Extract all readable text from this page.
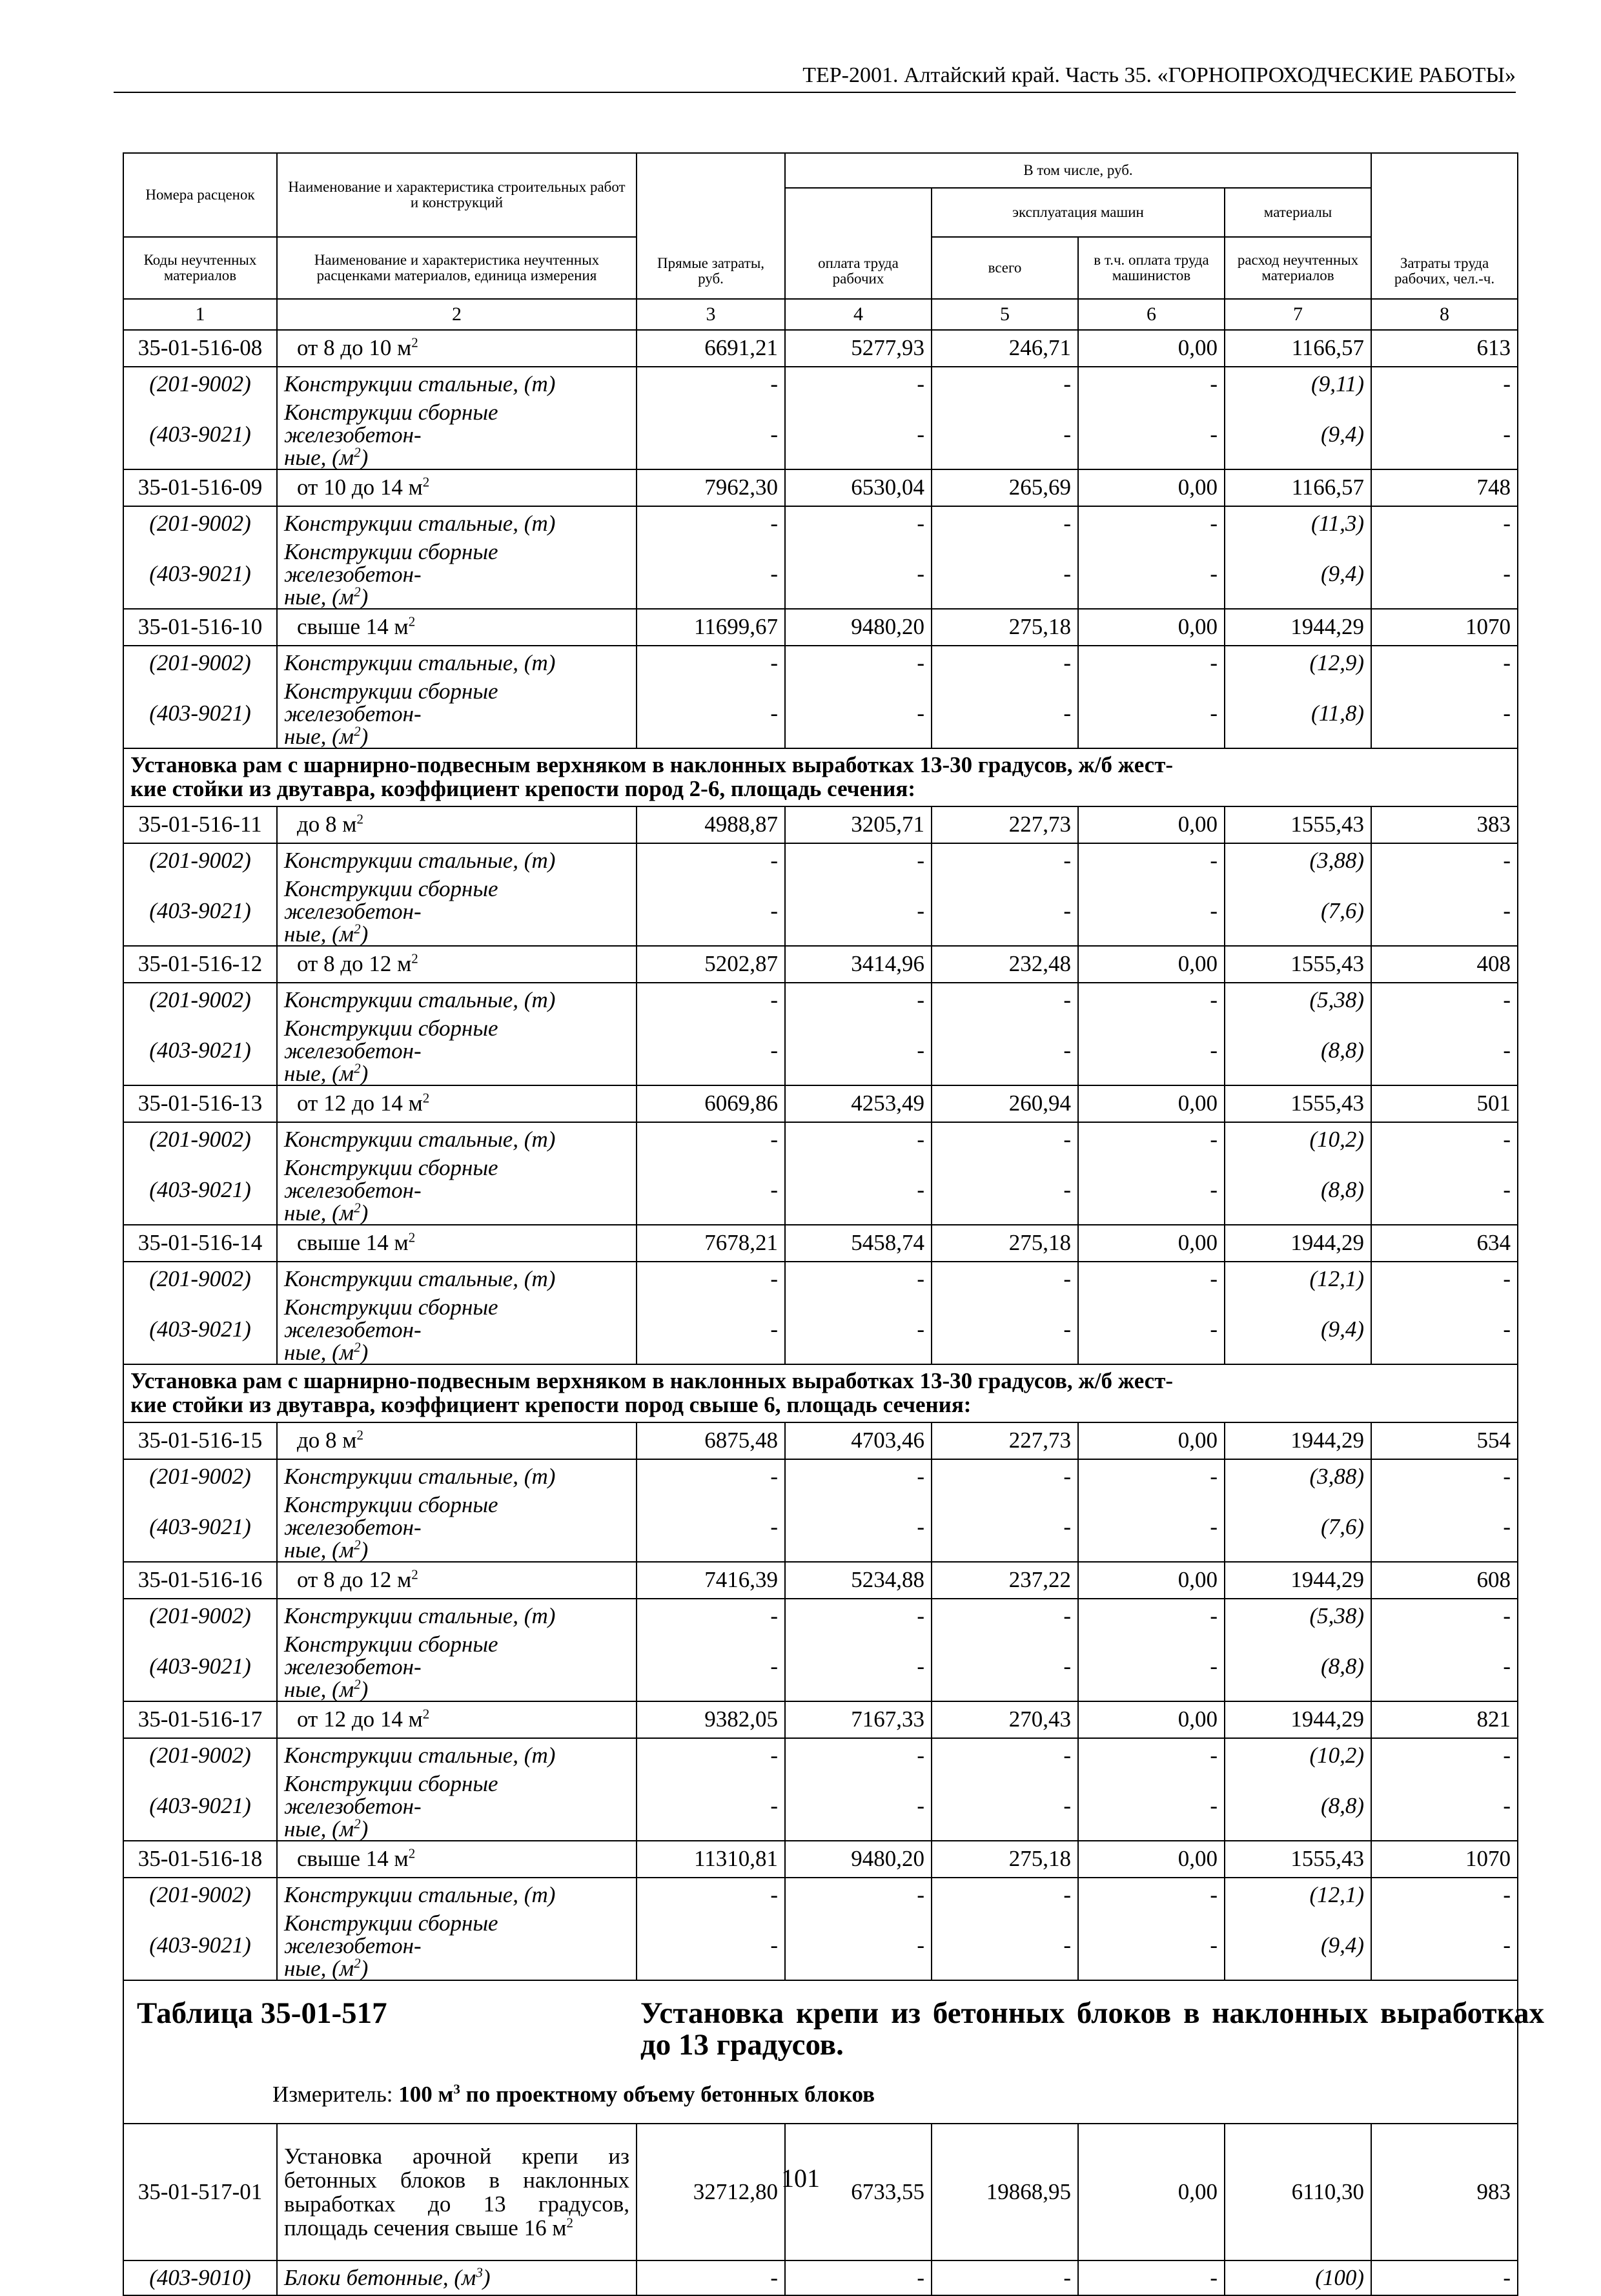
ТЕР-2001. Алтайский край. Часть 35. «ГОРНОПРОХОДЧЕСКИЕ РАБОТЫ»
Номера расценок	Наименование и характеристика строительных работ и конструкций	Прямые затраты, руб.	В том числе, руб.				Затраты труда рабочих, чел.-ч.
			оплата труда рабочих	эксплуатация машин		материалы	
Коды неучтенных материалов	Наименование и характеристика неучтенных расценками материалов, единица измерения			всего	в т.ч. оплата труда машинистов	расход неучтенных материалов	

1	2	3	4	5	6	7	8
35-01-516-08	от 8 до 10 $м^2$	6691,21	5277,93	246,71	0,00	1166,57	613
(201-9002)	Конструкции стальные, (т)	-	-	-	-	(9,11)	-
(403-9021)	Конструкции сборные железобетон-
ные, $(м^2)$	-	-	-	-	(9,4)	-
35-01-516-09	от 10 до 14 $м^2$	7962,30	6530,04	265,69	0,00	1166,57	748
(201-9002)	Конструкции стальные, (т)	-	-	-	-	(11,3)	-
(403-9021)	Конструкции сборные железобетон-
ные, $(м^2)$	-	-	-	-	(9,4)	-
35-01-516-10	свыше 14 $м^2$	11699,67	9480,20	275,18	0,00	1944,29	1070
(201-9002)	Конструкции стальные, (т)	-	-	-	-	(12,9)	-
(403-9021)	Конструкции сборные железобетон-
ные, $(м^2)$	-	-	-	-	(11,8)	-

Установка рам с шарнирно-подвесным верхняком в наклонных выработках 13-30 градусов, ж/б жест-
кие стойки из двутавра, коэффициент крепости пород 2-6, площадь сечения:							

35-01-516-11	до 8 $м^2$	4988,87	3205,71	227,73	0,00	1555,43	383
(201-9002)	Конструкции стальные, (т)	-	-	-	-	(3,88)	-
(403-9021)	Конструкции сборные железобетон-
ные, $(м^2)$	-	-	-	-	(7,6)	-
35-01-516-12	от 8 до 12 $м^2$	5202,87	3414,96	232,48	0,00	1555,43	408
(201-9002)	Конструкции стальные, (т)	-	-	-	-	(5,38)	-
(403-9021)	Конструкции сборные железобетон-
ные, $(м^2)$	-	-	-	-	(8,8)	-
35-01-516-13	от 12 до 14 $м^2$	6069,86	4253,49	260,94	0,00	1555,43	501
(201-9002)	Конструкции стальные, (т)	-	-	-	-	(10,2)	-
(403-9021)	Конструкции сборные железобетон-
ные, $(м^2)$	-	-	-	-	(8,8)	-
35-01-516-14	свыше 14 $м^2$	7678,21	5458,74	275,18	0,00	1944,29	634
(201-9002)	Конструкции стальные, (т)	-	-	-	-	(12,1)	-
(403-9021)	Конструкции сборные железобетон-
ные, $(м^2)$	-	-	-	-	(9,4)	-

Установка рам с шарнирно-подвесным верхняком в наклонных выработках 13-30 градусов, ж/б жест-
кие стойки из двутавра, коэффициент крепости пород свыше 6, площадь сечения:							

35-01-516-15	до 8 $м^2$	6875,48	4703,46	227,73	0,00	1944,29	554
(201-9002)	Конструкции стальные, (т)	-	-	-	-	(3,88)	-
(403-9021)	Конструкции сборные железобетон-
ные, $(м^2)$	-	-	-	-	(7,6)	-
35-01-516-16	от 8 до 12 $м^2$	7416,39	5234,88	237,22	0,00	1944,29	608
(201-9002)	Конструкции стальные, (т)	-	-	-	-	(5,38)	-
(403-9021)	Конструкции сборные железобетон-
ные, $(м^2)$	-	-	-	-	(8,8)	-
35-01-516-17	от 12 до 14 $м^2$	9382,05	7167,33	270,43	0,00	1944,29	821
(201-9002)	Конструкции стальные, (т)	-	-	-	-	(10,2)	-
(403-9021)	Конструкции сборные железобетон-
ные, $(м^2)$	-	-	-	-	(8,8)	-
35-01-516-18	свыше 14 $м^2$	11310,81	9480,20	275,18	0,00	1555,43	1070
(201-9002)	Конструкции стальные, (т)	-	-	-	-	(12,1)	-
(403-9021)	Конструкции сборные железобетон-
ные, $(м^2)$	-	-	-	-	(9,4)	-

Таблица 35-01-517 Установка крепи из бетонных блоков в наклонных выработках до 13 градусов.
Измеритель: 100 $м^3$ по проектному объему бетонных блоков							

35-01-517-01	Установка арочной крепи из бетонных блоков в наклонных выработках до 13 градусов, площадь сечения свыше 16 $м^2$	32712,80	6733,55	19868,95	0,00	6110,30	983
(403-9010)	Блоки бетонные, $(м^3)$	-	-	-	-	(100)	-
101
